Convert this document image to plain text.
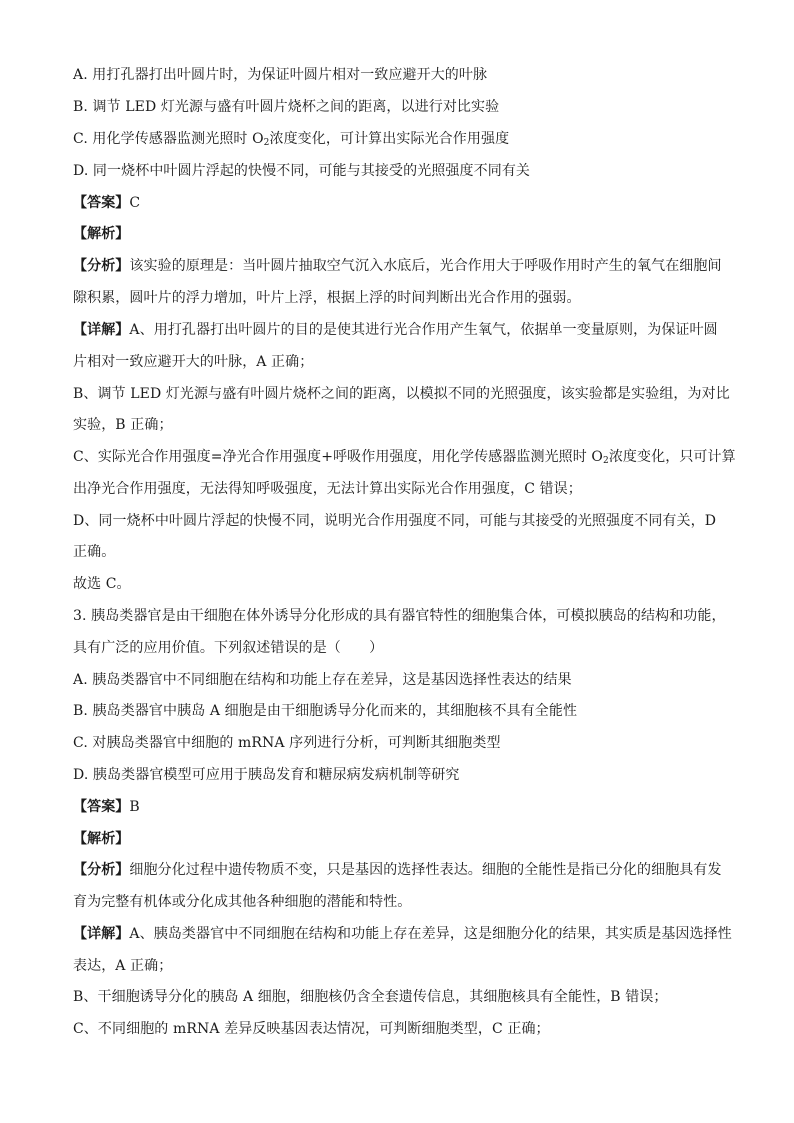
A. 用打孔器打出叶圆片时，为保证叶圆片相对一致应避开大的叶脉
B. 调节 LED 灯光源与盛有叶圆片烧杯之间的距离，以进行对比实验
C. 用化学传感器监测光照时 $O_2$浓度变化，可计算出实际光合作用强度
D. 同一烧杯中叶圆片浮起的快慢不同，可能与其接受的光照强度不同有关
【答案】C
【解析】
【分析】该实验的原理是：当叶圆片抽取空气沉入水底后，光合作用大于呼吸作用时产生的氧气在细胞间
隙积累，圆叶片的浮力增加，叶片上浮，根据上浮的时间判断出光合作用的强弱。
【详解】A、用打孔器打出叶圆片的目的是使其进行光合作用产生氧气，依据单一变量原则，为保证叶圆
片相对一致应避开大的叶脉，A 正确；
B、调节 LED 灯光源与盛有叶圆片烧杯之间的距离，以模拟不同的光照强度，该实验都是实验组，为对比
实验，B 正确；
C、实际光合作用强度=净光合作用强度+呼吸作用强度，用化学传感器监测光照时 $O_2$浓度变化，只可计算
出净光合作用强度，无法得知呼吸强度，无法计算出实际光合作用强度，C 错误；
D、同一烧杯中叶圆片浮起的快慢不同，说明光合作用强度不同，可能与其接受的光照强度不同有关，D
正确。
故选 C。
3. 胰岛类器官是由干细胞在体外诱导分化形成的具有器官特性的细胞集合体，可模拟胰岛的结构和功能，
具有广泛的应用价值。下列叙述错误的是（　　）
A. 胰岛类器官中不同细胞在结构和功能上存在差异，这是基因选择性表达的结果
B. 胰岛类器官中胰岛 A 细胞是由干细胞诱导分化而来的，其细胞核不具有全能性
C. 对胰岛类器官中细胞的 mRNA 序列进行分析，可判断其细胞类型
D. 胰岛类器官模型可应用于胰岛发育和糖尿病发病机制等研究
【答案】B
【解析】
【分析】细胞分化过程中遗传物质不变，只是基因的选择性表达。细胞的全能性是指已分化的细胞具有发
育为完整有机体或分化成其他各种细胞的潜能和特性。
【详解】A、胰岛类器官中不同细胞在结构和功能上存在差异，这是细胞分化的结果，其实质是基因选择性
表达，A 正确；
B、干细胞诱导分化的胰岛 A 细胞，细胞核仍含全套遗传信息，其细胞核具有全能性，B 错误；
C、不同细胞的 mRNA 差异反映基因表达情况，可判断细胞类型，C 正确；
